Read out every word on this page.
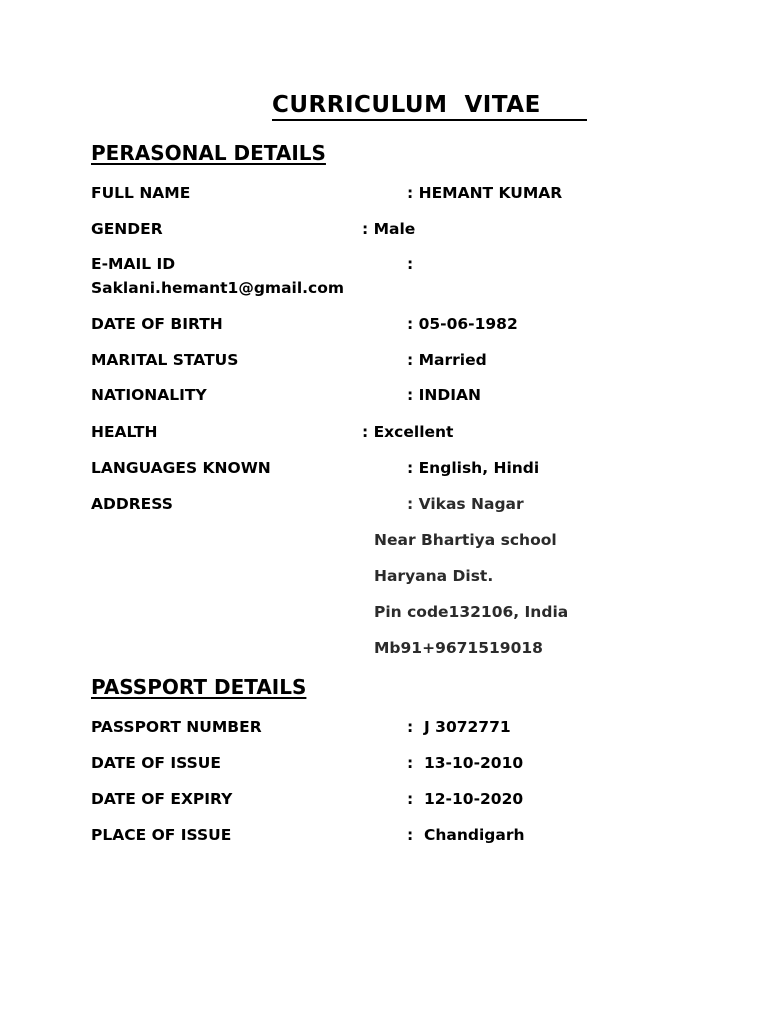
CURRICULUM  VITAE
PERASONAL DETAILS
FULL NAME	: HEMANT KUMAR
GENDER	: Male
E-MAIL ID	:
Saklani.hemant1@gmail.com
DATE OF BIRTH	: 05-06-1982
MARITAL STATUS	: Married
NATIONALITY	: INDIAN
HEALTH	: Excellent
LANGUAGES KNOWN	: English, Hindi
ADDRESS	: Vikas Nagar
Near Bhartiya school
Haryana Dist.
Pin code132106, India
Mb91+9671519018
PASSPORT DETAILS
PASSPORT NUMBER	:  J 3072771
DATE OF ISSUE	:  13-10-2010
DATE OF EXPIRY	:  12-10-2020
PLACE OF ISSUE	:  Chandigarh
